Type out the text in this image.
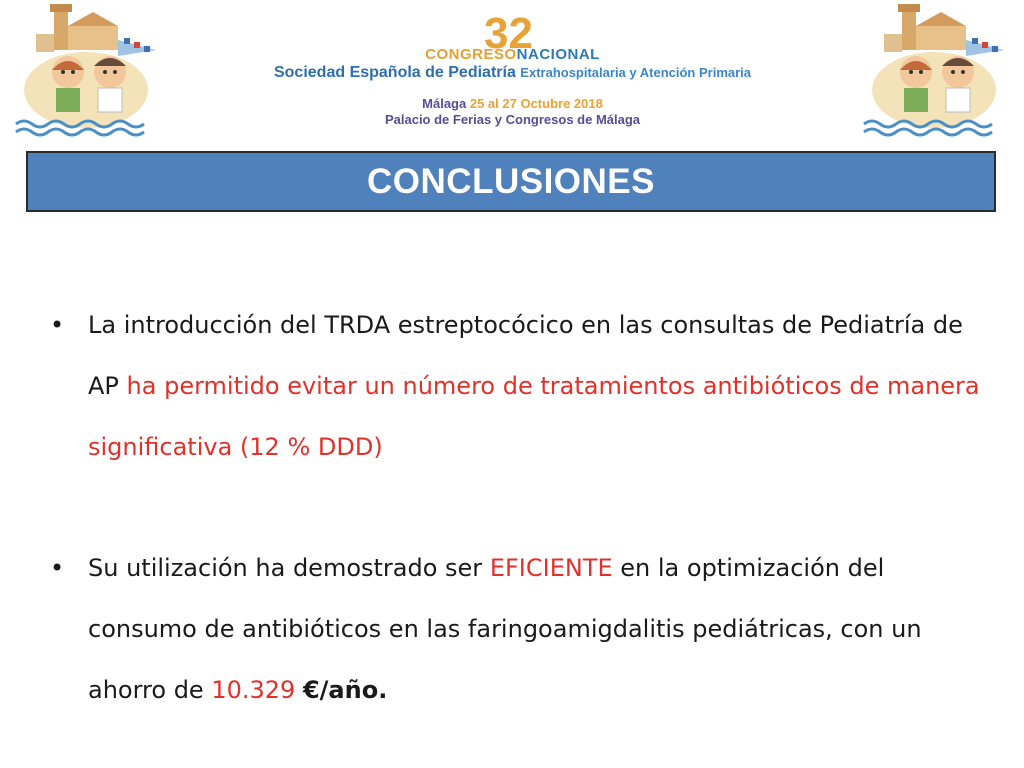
32
CONGRESONACIONAL
Sociedad Española de Pediatría Extrahospitalaria y Atención Primaria
Málaga 25 al 27 Octubre 2018
Palacio de Ferias y Congresos de Málaga
CONCLUSIONES
• La introducción del TRDA estreptocócico en las consultas de Pediatría de AP ha permitido evitar un número de tratamientos antibióticos de manera significativa (12 % DDD)
• Su utilización ha demostrado ser EFICIENTE en la optimización del consumo de antibióticos en las faringoamigdalitis pediátricas, con un ahorro de 10.329 €/año.
